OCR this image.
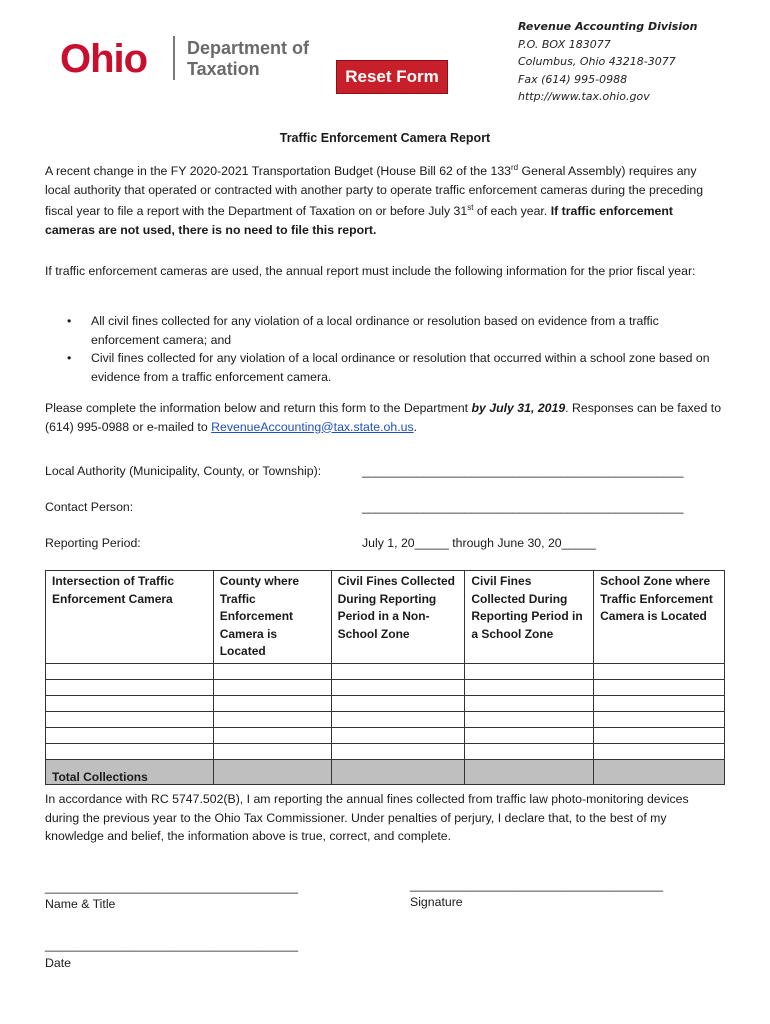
Ohio Department of
Taxation	Reset Form
Revenue Accounting Division
P.O. BOX 183077
Columbus, Ohio 43218-3077
Fax (614) 995-0988
http://www.tax.ohio.gov
Traffic Enforcement Camera Report
A recent change in the FY 2020-2021 Transportation Budget (House Bill 62 of the 133rd General Assembly) requires any local authority that operated or contracted with another party to operate traffic enforcement cameras during the preceding fiscal year to file a report with the Department of Taxation on or before July 31st of each year. If traffic enforcement cameras are not used, there is no need to file this report.
If traffic enforcement cameras are used, the annual report must include the following information for the prior fiscal year:
• All civil fines collected for any violation of a local ordinance or resolution based on evidence from a traffic enforcement camera; and
• Civil fines collected for any violation of a local ordinance or resolution that occurred within a school zone based on evidence from a traffic enforcement camera.
Please complete the information below and return this form to the Department by July 31, 2019. Responses can be faxed to (614) 995-0988 or e-mailed to RevenueAccounting@tax.state.oh.us.
Local Authority (Municipality, County, or Township):	_______________________________________________
Contact Person:	_______________________________________________
Reporting Period:	July 1, 20_____ through June 30, 20_____
Intersection of Traffic Enforcement Camera	County where Traffic Enforcement Camera is Located	Civil Fines Collected During Reporting Period in a Non-School Zone	Civil Fines Collected During Reporting Period in a School Zone	School Zone where Traffic Enforcement Camera is Located

Total Collections				
In accordance with RC 5747.502(B), I am reporting the annual fines collected from traffic law photo-monitoring devices during the previous year to the Ohio Tax Commissioner. Under penalties of perjury, I declare that, to the best of my knowledge and belief, the information above is true, correct, and complete.
_____________________________________
Name & Title
_____________________________________
Signature
_____________________________________
Date
